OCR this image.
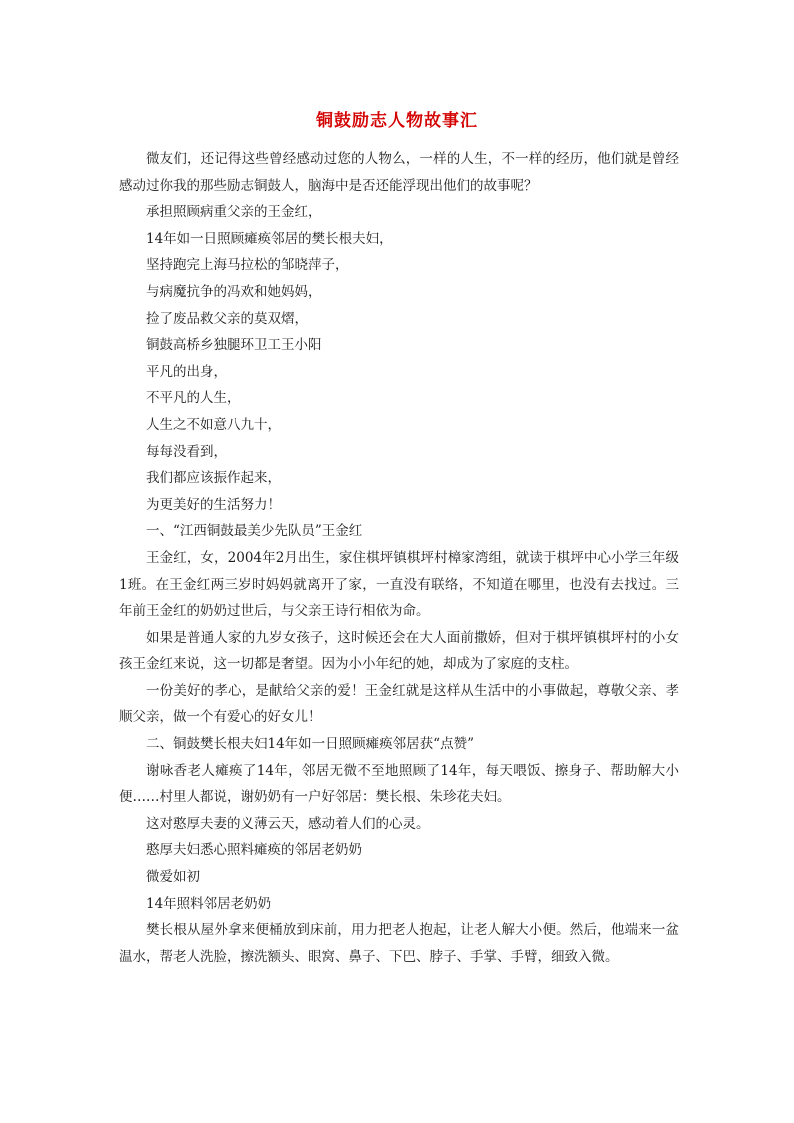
铜鼓励志人物故事汇

微友们，还记得这些曾经感动过您的人物么，一样的人生，不一样的经历，他们就是曾经感动过你我的那些励志铜鼓人，脑海中是否还能浮现出他们的故事呢？

承担照顾病重父亲的王金红，

14年如一日照顾瘫痪邻居的樊长根夫妇，

坚持跑完上海马拉松的邹晓萍子，

与病魔抗争的冯欢和她妈妈，

捡了废品救父亲的莫双熠，

铜鼓高桥乡独腿环卫工王小阳

平凡的出身，

不平凡的人生，

人生之不如意八九十，

每每没看到，

我们都应该振作起来，

为更美好的生活努力！

一、“江西铜鼓最美少先队员”王金红

王金红，女，2004年2月出生，家住棋坪镇棋坪村樟家湾组，就读于棋坪中心小学三年级1班。在王金红两三岁时妈妈就离开了家，一直没有联络，不知道在哪里，也没有去找过。三年前王金红的奶奶过世后，与父亲王诗行相依为命。

如果是普通人家的九岁女孩子，这时候还会在大人面前撒娇，但对于棋坪镇棋坪村的小女孩王金红来说，这一切都是奢望。因为小小年纪的她，却成为了家庭的支柱。

一份美好的孝心，是献给父亲的爱！王金红就是这样从生活中的小事做起，尊敬父亲、孝顺父亲，做一个有爱心的好女儿！

二、铜鼓樊长根夫妇14年如一日照顾瘫痪邻居获“点赞”

谢咏香老人瘫痪了14年，邻居无微不至地照顾了14年，每天喂饭、擦身子、帮助解大小便……村里人都说，谢奶奶有一户好邻居：樊长根、朱珍花夫妇。

这对憨厚夫妻的义薄云天，感动着人们的心灵。

憨厚夫妇悉心照料瘫痪的邻居老奶奶

微爱如初

14年照料邻居老奶奶

樊长根从屋外拿来便桶放到床前，用力把老人抱起，让老人解大小便。然后，他端来一盆温水，帮老人洗脸，擦洗额头、眼窝、鼻子、下巴、脖子、手掌、手臂，细致入微。
